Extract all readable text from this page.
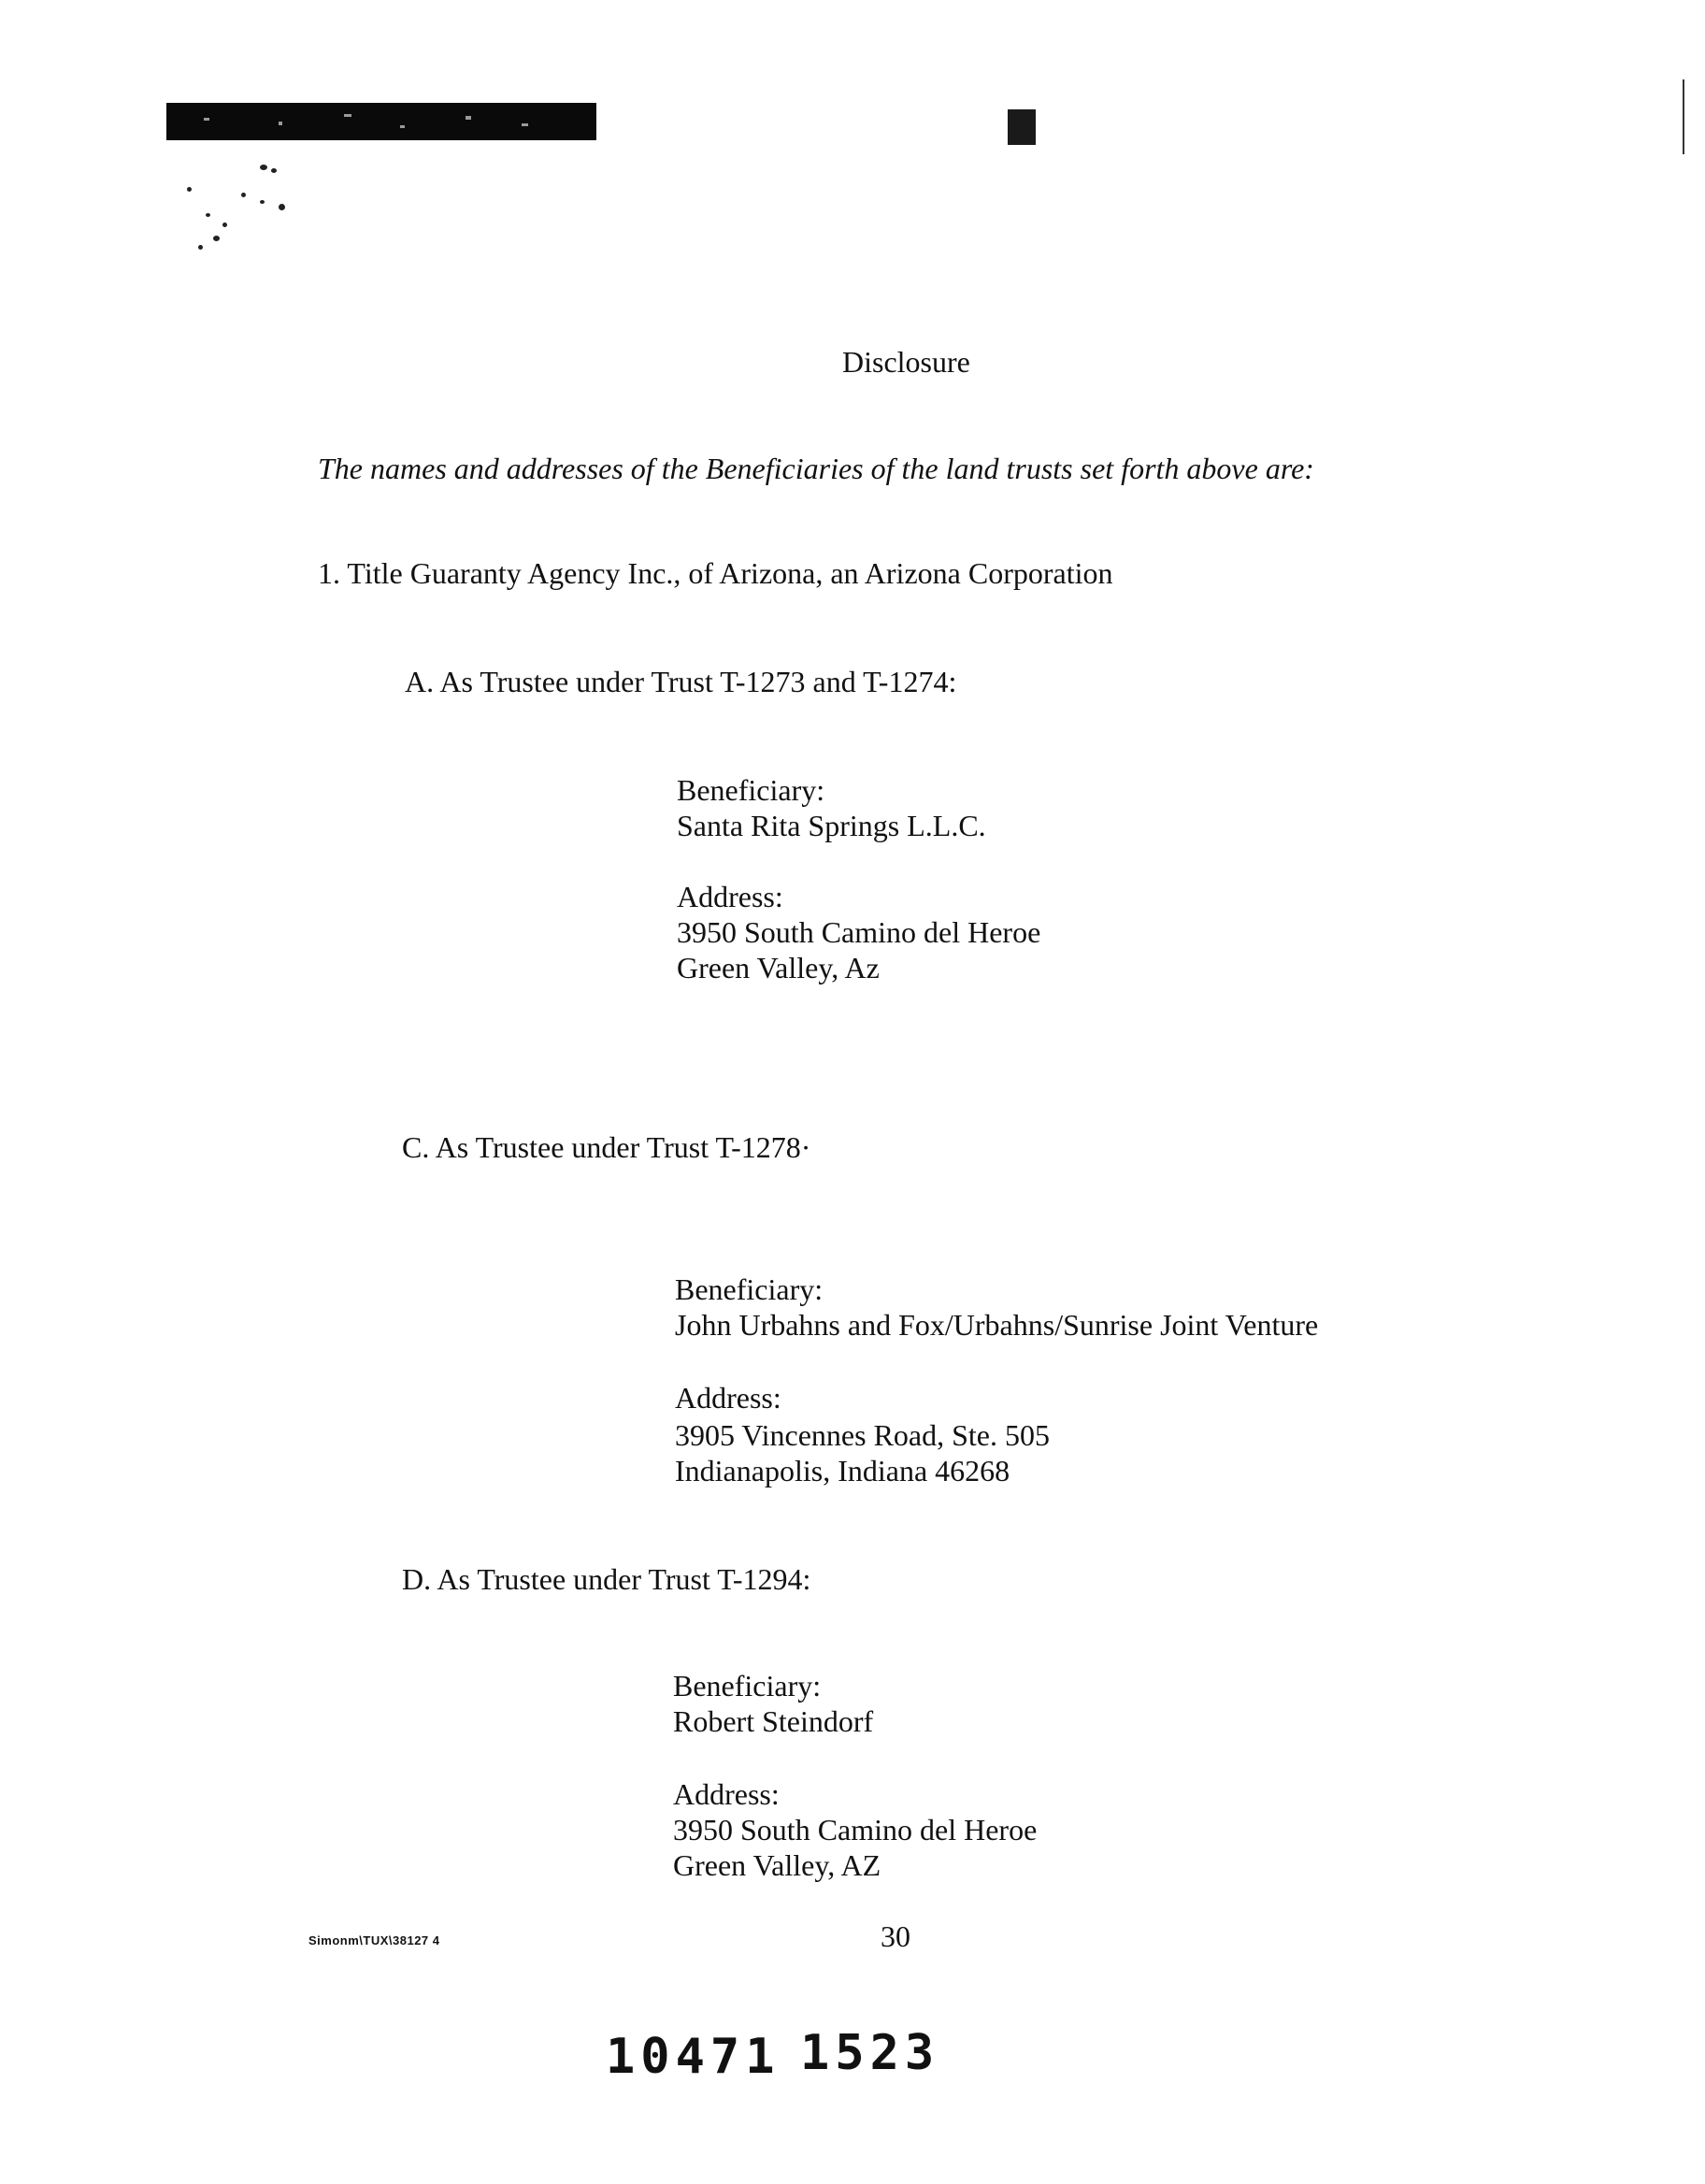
Disclosure
The names and addresses of the Beneficiaries of the land trusts set forth above are:
1. Title Guaranty Agency Inc., of Arizona, an Arizona Corporation
A. As Trustee under Trust T-1273 and T-1274:
Beneficiary:
Santa Rita Springs L.L.C.
Address:
3950 South Camino del Heroe
Green Valley, Az
C. As Trustee under Trust T-1278·
Beneficiary:
John Urbahns and Fox/Urbahns/Sunrise Joint Venture
Address:
3905 Vincennes Road, Ste. 505
Indianapolis, Indiana 46268
D. As Trustee under Trust T-1294:
Beneficiary:
Robert Steindorf
Address:
3950 South Camino del Heroe
Green Valley, AZ
Simonm\TUX\38127 4	30
10471 1523
